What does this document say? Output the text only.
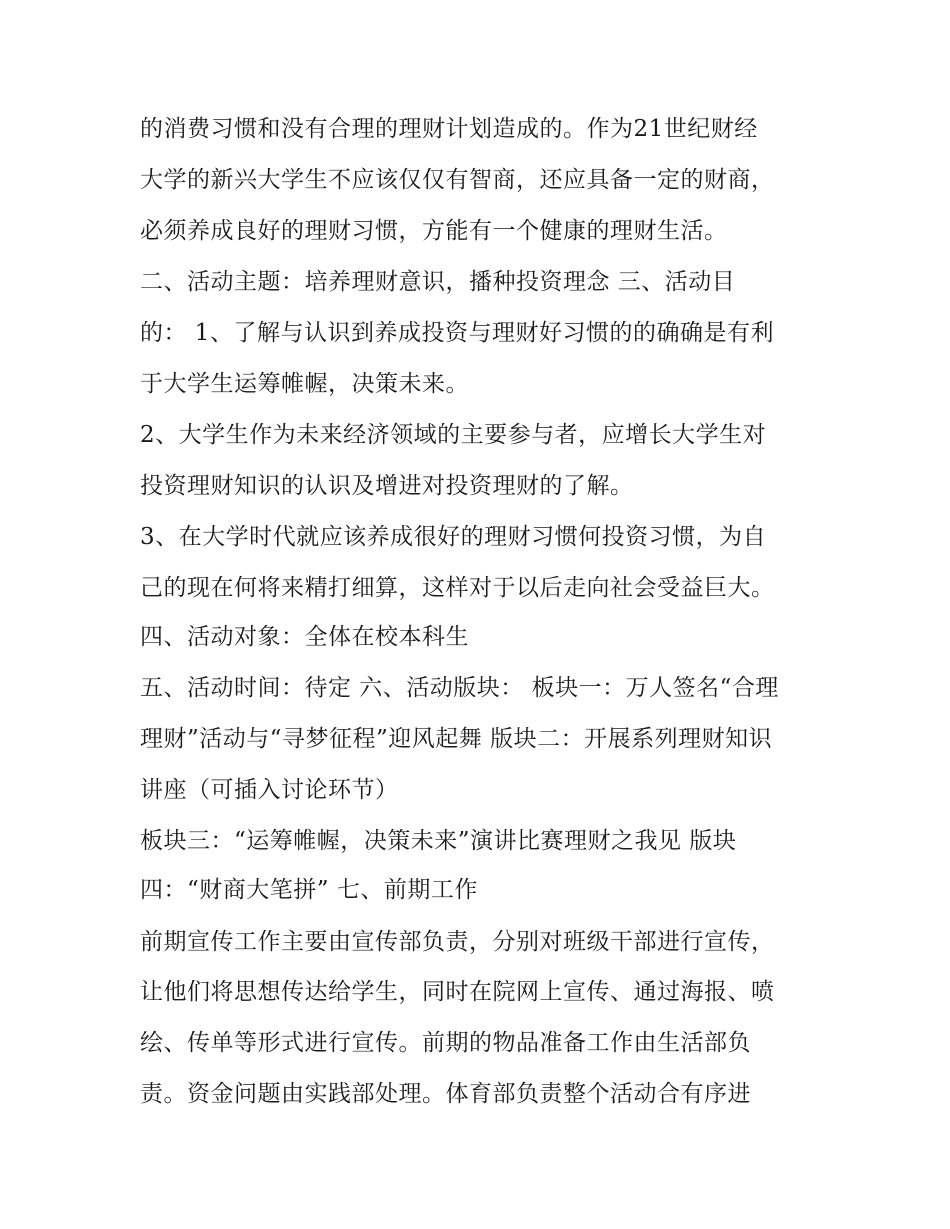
的消费习惯和没有合理的理财计划造成的。作为21世纪财经
大学的新兴大学生不应该仅仅有智商，还应具备一定的财商，
必须养成良好的理财习惯，方能有一个健康的理财生活。
二、活动主题：培养理财意识，播种投资理念 三、活动目
的： 1、了解与认识到养成投资与理财好习惯的的确确是有利
于大学生运筹帷幄，决策未来。
2、大学生作为未来经济领域的主要参与者，应增长大学生对
投资理财知识的认识及增进对投资理财的了解。
3、在大学时代就应该养成很好的理财习惯何投资习惯，为自
己的现在何将来精打细算，这样对于以后走向社会受益巨大。
四、活动对象：全体在校本科生
五、活动时间：待定 六、活动版块： 板块一：万人签名“合理
理财”活动与“寻梦征程”迎风起舞 版块二：开展系列理财知识
讲座（可插入讨论环节）
板块三：“运筹帷幄，决策未来”演讲比赛理财之我见 版块
四：“财商大笔拼” 七、前期工作
前期宣传工作主要由宣传部负责，分别对班级干部进行宣传，
让他们将思想传达给学生，同时在院网上宣传、通过海报、喷
绘、传单等形式进行宣传。前期的物品准备工作由生活部负
责。资金问题由实践部处理。体育部负责整个活动合有序进
